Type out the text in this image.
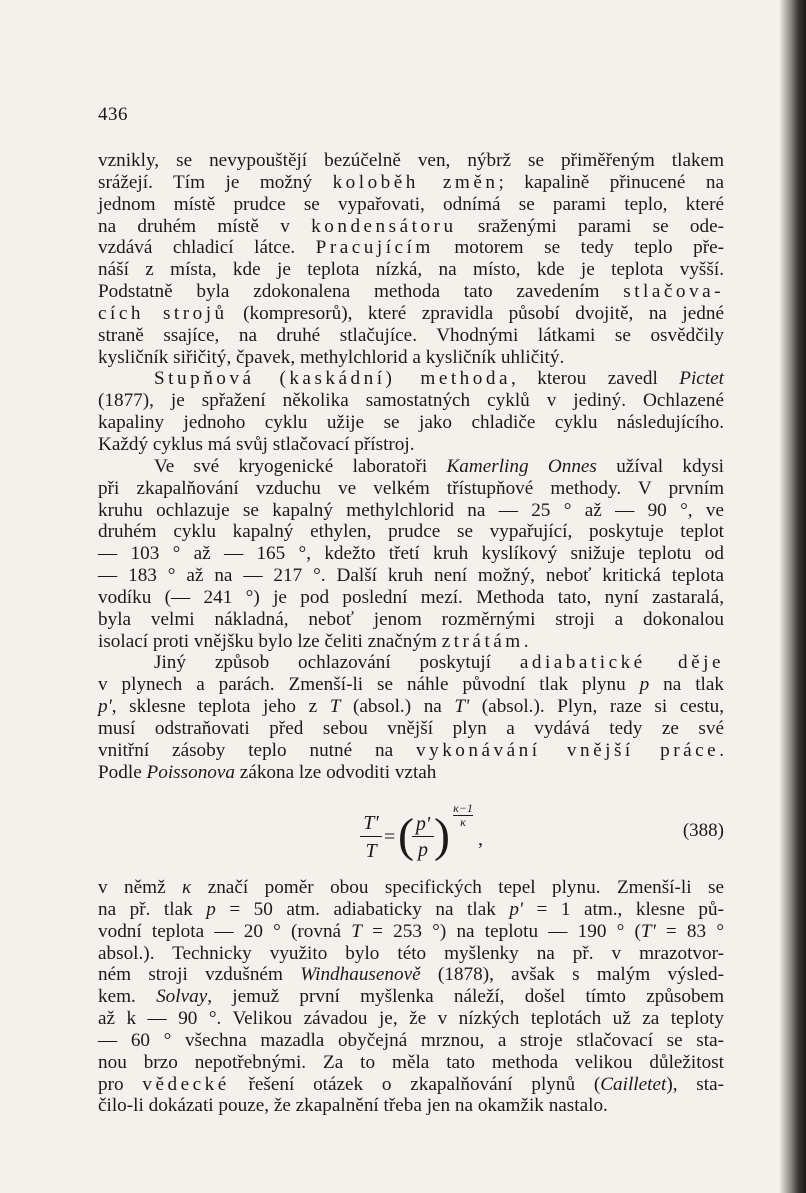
436
vznikly, se nevypouštějí bezúčelně ven, nýbrž se přiměřeným tlakem
srážejí. Tím je možný koloběh změn; kapalině přinucené na
jednom místě prudce se vypařovati, odnímá se parami teplo, které
na druhém místě v kondensátoru sraženými parami se ode-
vzdává chladicí látce. Pracujícím motorem se tedy teplo pře-
náší z místa, kde je teplota nízká, na místo, kde je teplota vyšší.
Podstatně byla zdokonalena methoda tato zavedením stlačova-
cích strojů (kompresorů), které zpravidla působí dvojitě, na jedné
straně ssajíce, na druhé stlačujíce. Vhodnými látkami se osvědčily
kysličník siřičitý, čpavek, methylchlorid a kysličník uhličitý.
Stupňová (kaskádní) methoda, kterou zavedl Pictet
(1877), je spřažení několika samostatných cyklů v jediný. Ochlazené
kapaliny jednoho cyklu užije se jako chladiče cyklu následujícího.
Každý cyklus má svůj stlačovací přístroj.
Ve své kryogenické laboratoři Kamerling Onnes užíval kdysi
při zkapalňování vzduchu ve velkém třístupňové methody. V prvním
kruhu ochlazuje se kapalný methylchlorid na — 25 ° až — 90 °, ve
druhém cyklu kapalný ethylen, prudce se vypařující, poskytuje teplot
— 103 ° až — 165 °, kdežto třetí kruh kyslíkový snižuje teplotu od
— 183 ° až na — 217 °. Další kruh není možný, neboť kritická teplota
vodíku (— 241 °) je pod poslední mezí. Methoda tato, nyní zastaralá,
byla velmi nákladná, neboť jenom rozměrnými stroji a dokonalou
isolací proti vnějšku bylo lze čeliti značným ztrátám.
Jiný způsob ochlazování poskytují adiabatické děje
v plynech a parách. Zmenší-li se náhle původní tlak plynu p na tlak
p', sklesne teplota jeho z T (absol.) na T' (absol.). Plyn, raze si cestu,
musí odstraňovati před sebou vnější plyn a vydává tedy ze své
vnitřní zásoby teplo nutné na vykonávání vnější práce.
Podle Poissonova zákona lze odvoditi vztah
T'
T
= ( p'
p )
κ−1
κ
,	(388)
v němž κ značí poměr obou specifických tepel plynu. Zmenší-li se
na př. tlak p = 50 atm. adiabaticky na tlak p' = 1 atm., klesne pů-
vodní teplota — 20 ° (rovná T = 253 °) na teplotu — 190 ° (T' = 83 °
absol.). Technicky využito bylo této myšlenky na př. v mrazotvor-
ném stroji vzdušném Windhausenově (1878), avšak s malým výsled-
kem. Solvay, jemuž první myšlenka náleží, došel tímto způsobem
až k — 90 °. Velikou závadou je, že v nízkých teplotách už za teploty
— 60 ° všechna mazadla obyčejná mrznou, a stroje stlačovací se sta-
nou brzo nepotřebnými. Za to měla tato methoda velikou důležitost
pro vědecké řešení otázek o zkapalňování plynů (Cailletet), sta-
čilo-li dokázati pouze, že zkapalnění třeba jen na okamžik nastalo.
